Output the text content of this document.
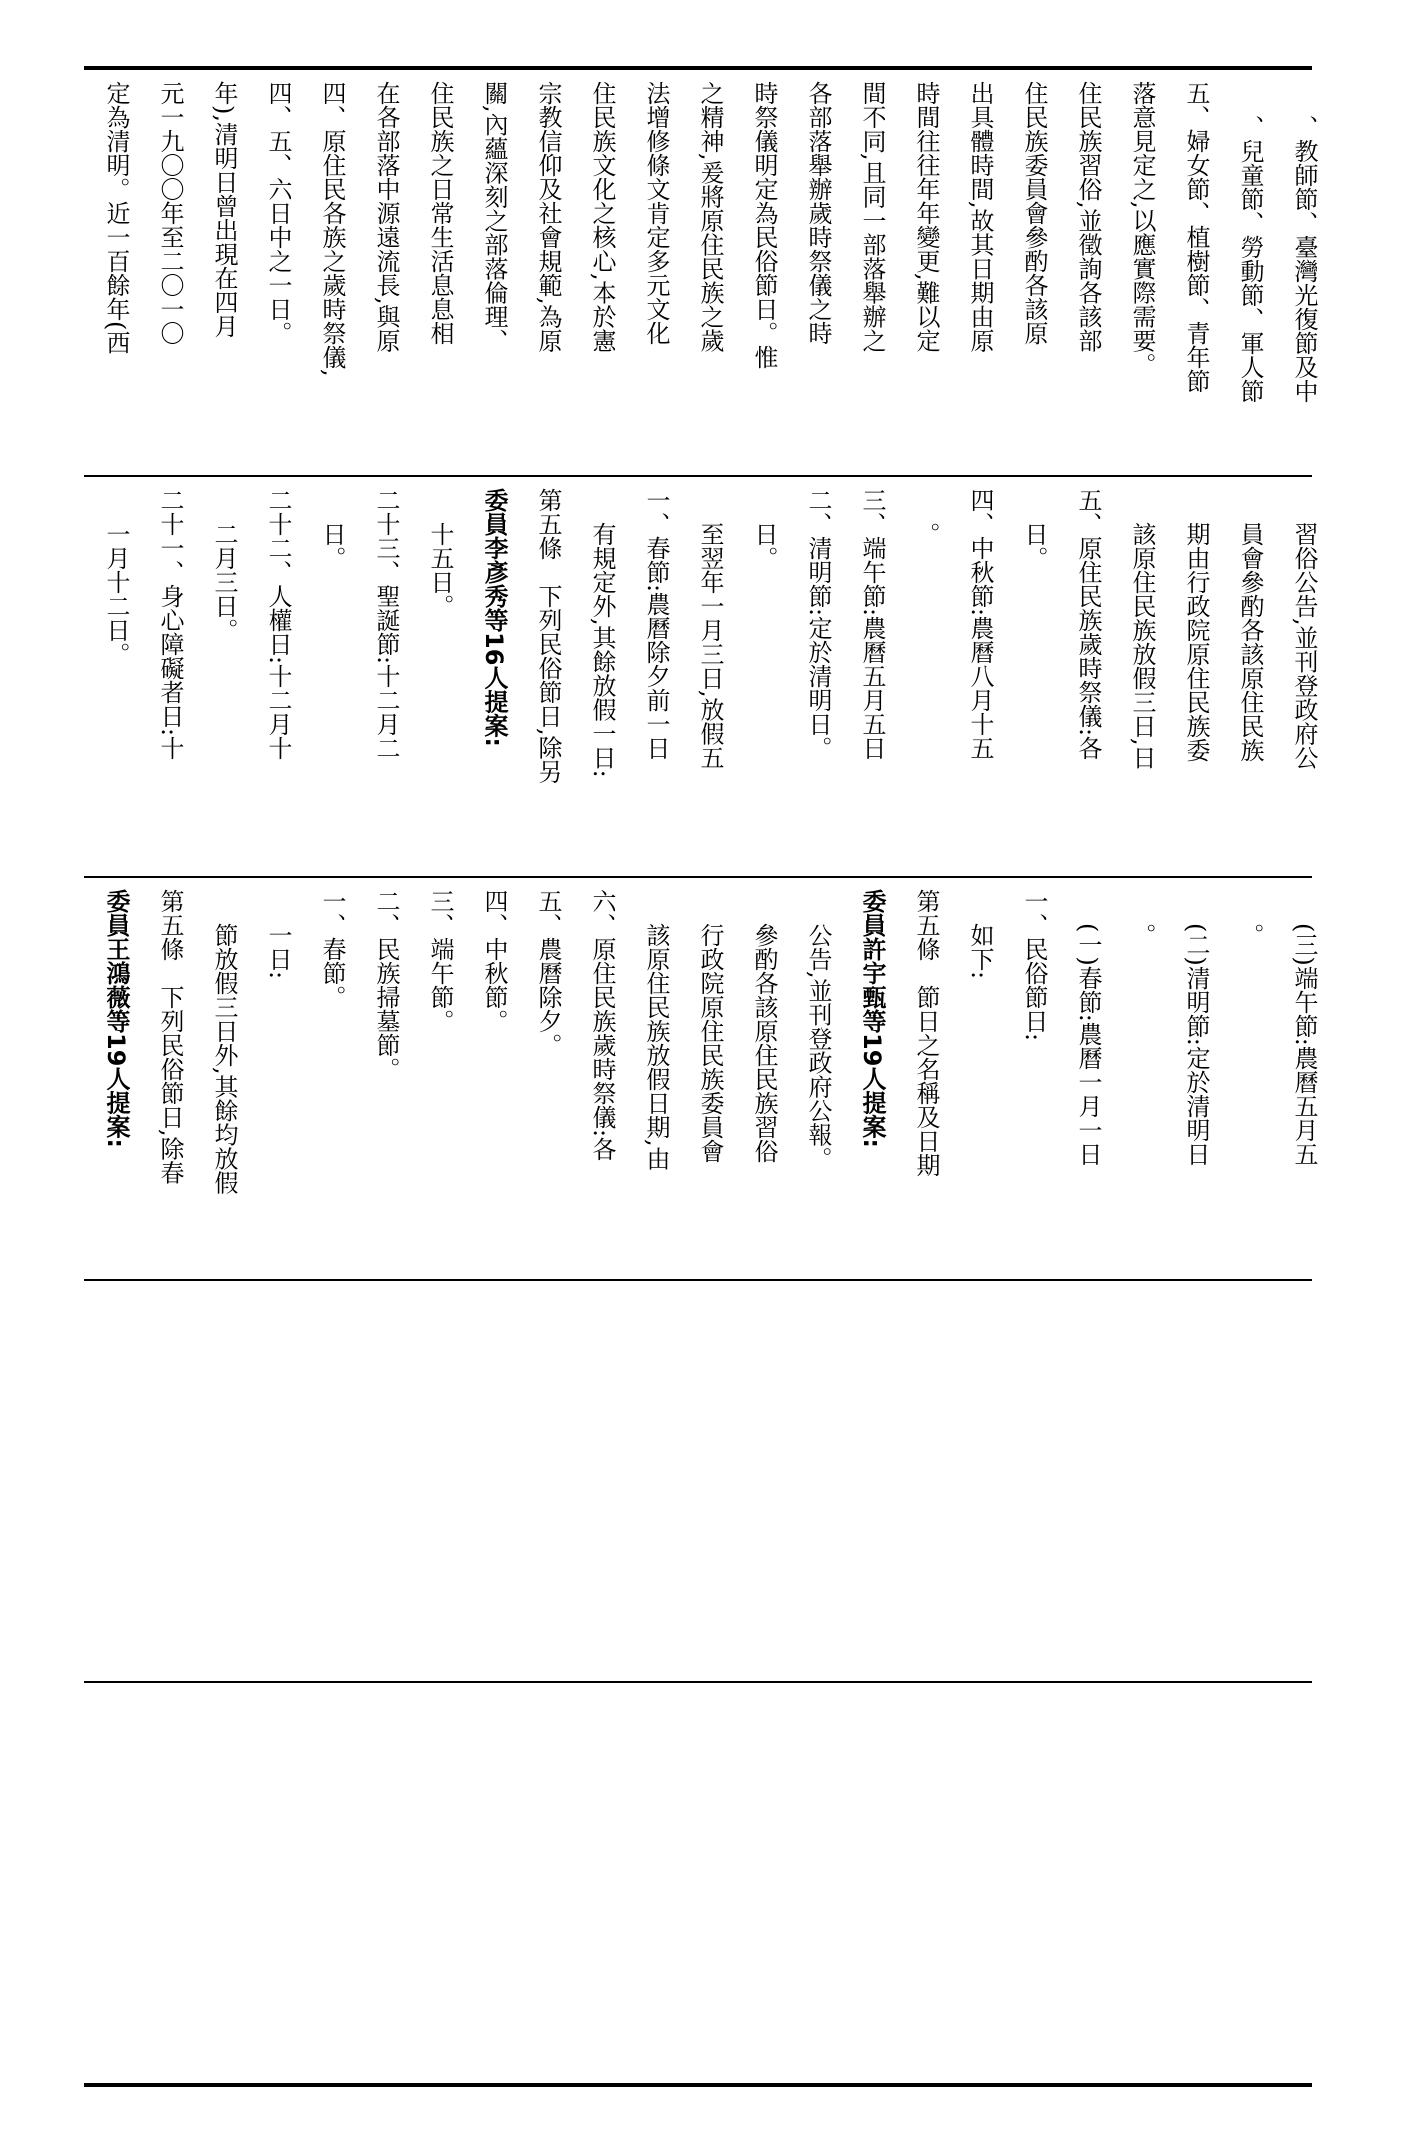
定為清明。近一百餘年(西 元一九〇〇年至二〇一〇 年),清明日曾出現在四月 四、五、六日中之一日。 四、原住民各族之歲時祭儀, 在各部落中源遠流長,與原 住民族之日常生活息息相 關,內蘊深刻之部落倫理、 宗教信仰及社會規範,為原 住民族文化之核心,本於憲 法增修條文肯定多元文化 之精神,爰將原住民族之歲 時祭儀明定為民俗節日。惟 各部落舉辦歲時祭儀之時 間不同,且同一部落舉辦之 時間往往年年變更,難以定 出具體時間,故其日期由原 住民族委員會參酌各該原 住民族習俗,並徵詢各該部 落意見定之,以應實際需要。 五、婦女節、植樹節、青年節 、兒童節、勞動節、軍人節 、教師節、臺灣光復節及中
一月十二日。 二十一、身心障礙者日:十 二月三日。 二十二、人權日:十二月十 日。 二十三、聖誕節:十二月二 十五日。 委員李彥秀等16人提案: 第五條　下列民俗節日,除另 有規定外,其餘放假一日: 一、春節:農曆除夕前一日 至翌年一月三日,放假五 日。 二、清明節:定於清明日。 三、端午節:農曆五月五日 。 四、中秋節:農曆八月十五 日。 五、原住民族歲時祭儀:各 該原住民族放假三日,日 期由行政院原住民族委 員會參酌各該原住民族 習俗公告,並刊登政府公
委員王鴻薇等19人提案: 第五條　下列民俗節日,除春 節放假三日外,其餘均放假 一日: 一、春節。 二、民族掃墓節。 三、端午節。 四、中秋節。 五、農曆除夕。 六、原住民族歲時祭儀:各 該原住民族放假日期,由 行政院原住民族委員會 參酌各該原住民族習俗 公告,並刊登政府公報。 委員許宇甄等19人提案: 第五條　節日之名稱及日期 如下: 一、民俗節日: (一)春節:農曆一月一日 。 (二)清明節:定於清明日 。 (三)端午節:農曆五月五
